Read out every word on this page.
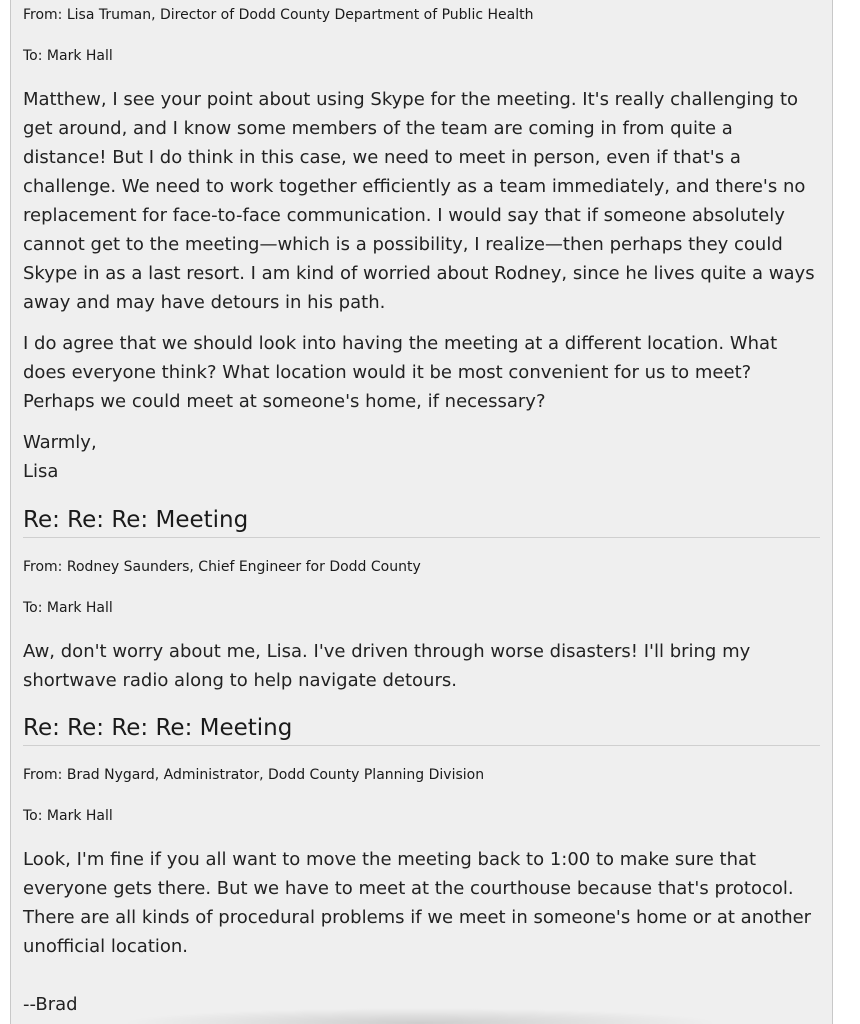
From: Lisa Truman, Director of Dodd County Department of Public Health

To: Mark Hall

Matthew, I see your point about using Skype for the meeting. It's really challenging to get around, and I know some members of the team are coming in from quite a distance! But I do think in this case, we need to meet in person, even if that's a challenge. We need to work together efficiently as a team immediately, and there's no replacement for face-to-face communication. I would say that if someone absolutely cannot get to the meeting—which is a possibility, I realize—then perhaps they could Skype in as a last resort. I am kind of worried about Rodney, since he lives quite a ways away and may have detours in his path.

I do agree that we should look into having the meeting at a different location. What does everyone think? What location would it be most convenient for us to meet? Perhaps we could meet at someone's home, if necessary?

Warmly,

Lisa

Re: Re: Re: Meeting

From: Rodney Saunders, Chief Engineer for Dodd County

To: Mark Hall

Aw, don't worry about me, Lisa. I've driven through worse disasters! I'll bring my shortwave radio along to help navigate detours.

Re: Re: Re: Re: Meeting

From: Brad Nygard, Administrator, Dodd County Planning Division

To: Mark Hall

Look, I'm fine if you all want to move the meeting back to 1:00 to make sure that everyone gets there. But we have to meet at the courthouse because that's protocol. There are all kinds of procedural problems if we meet in someone's home or at another unofficial location.

--Brad
